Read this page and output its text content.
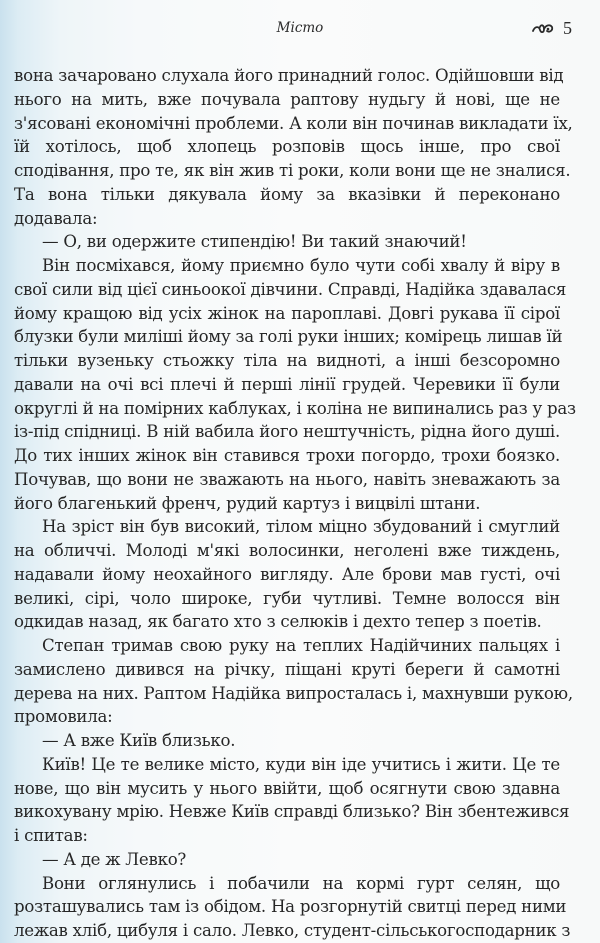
Місто	5
вона зачаровано слухала його принадний голос. Одійшовши від
нього на мить, вже почувала раптову нудьгу й нові, ще не
з'ясовані економічні проблеми. А коли він починав викладати їх,
їй хотілось, щоб хлопець розповів щось інше, про свої
сподівання, про те, як він жив ті роки, коли вони ще не зналися.
Та вона тільки дякувала йому за вказівки й переконано
додавала:
— О, ви одержите стипендію! Ви такий знаючий!
Він посміхався, йому приємно було чути собі хвалу й віру в
свої сили від цієї синьоокої дівчини. Справді, Надійка здавалася
йому кращою від усіх жінок на пароплаві. Довгі рукава її сірої
блузки були миліші йому за голі руки інших; комірець лишав їй
тільки вузеньку стьожку тіла на видноті, а інші безсоромно
давали на очі всі плечі й перші лінії грудей. Черевики її були
округлі й на помірних каблуках, і коліна не випинались раз у раз
із-під спідниці. В ній вабила його нештучність, рідна його душі.
До тих інших жінок він ставився трохи погордо, трохи боязко.
Почував, що вони не зважають на нього, навіть зневажають за
його благенький френч, рудий картуз і вицвілі штани.
На зріст він був високий, тілом міцно збудований і смуглий
на обличчі. Молоді м'які волосинки, неголені вже тиждень,
надавали йому неохайного вигляду. Але брови мав густі, очі
великі, сірі, чоло широке, губи чутливі. Темне волосся він
одкидав назад, як багато хто з селюків і дехто тепер з поетів.
Степан тримав свою руку на теплих Надійчиних пальцях і
замислено дивився на річку, піщані круті береги й самотні
дерева на них. Раптом Надійка випросталась і, махнувши рукою,
промовила:
— А вже Київ близько.
Київ! Це те велике місто, куди він іде учитись і жити. Це те
нове, що він мусить у нього ввійти, щоб осягнути свою здавна
викохувану мрію. Невже Київ справді близько? Він збентежився
і спитав:
— А де ж Левко?
Вони оглянулись і побачили на кормі гурт селян, що
розташувались там із обідом. На розгорнутій свитці перед ними
лежав хліб, цибуля і сало. Левко, студент-сільськогосподарник з
